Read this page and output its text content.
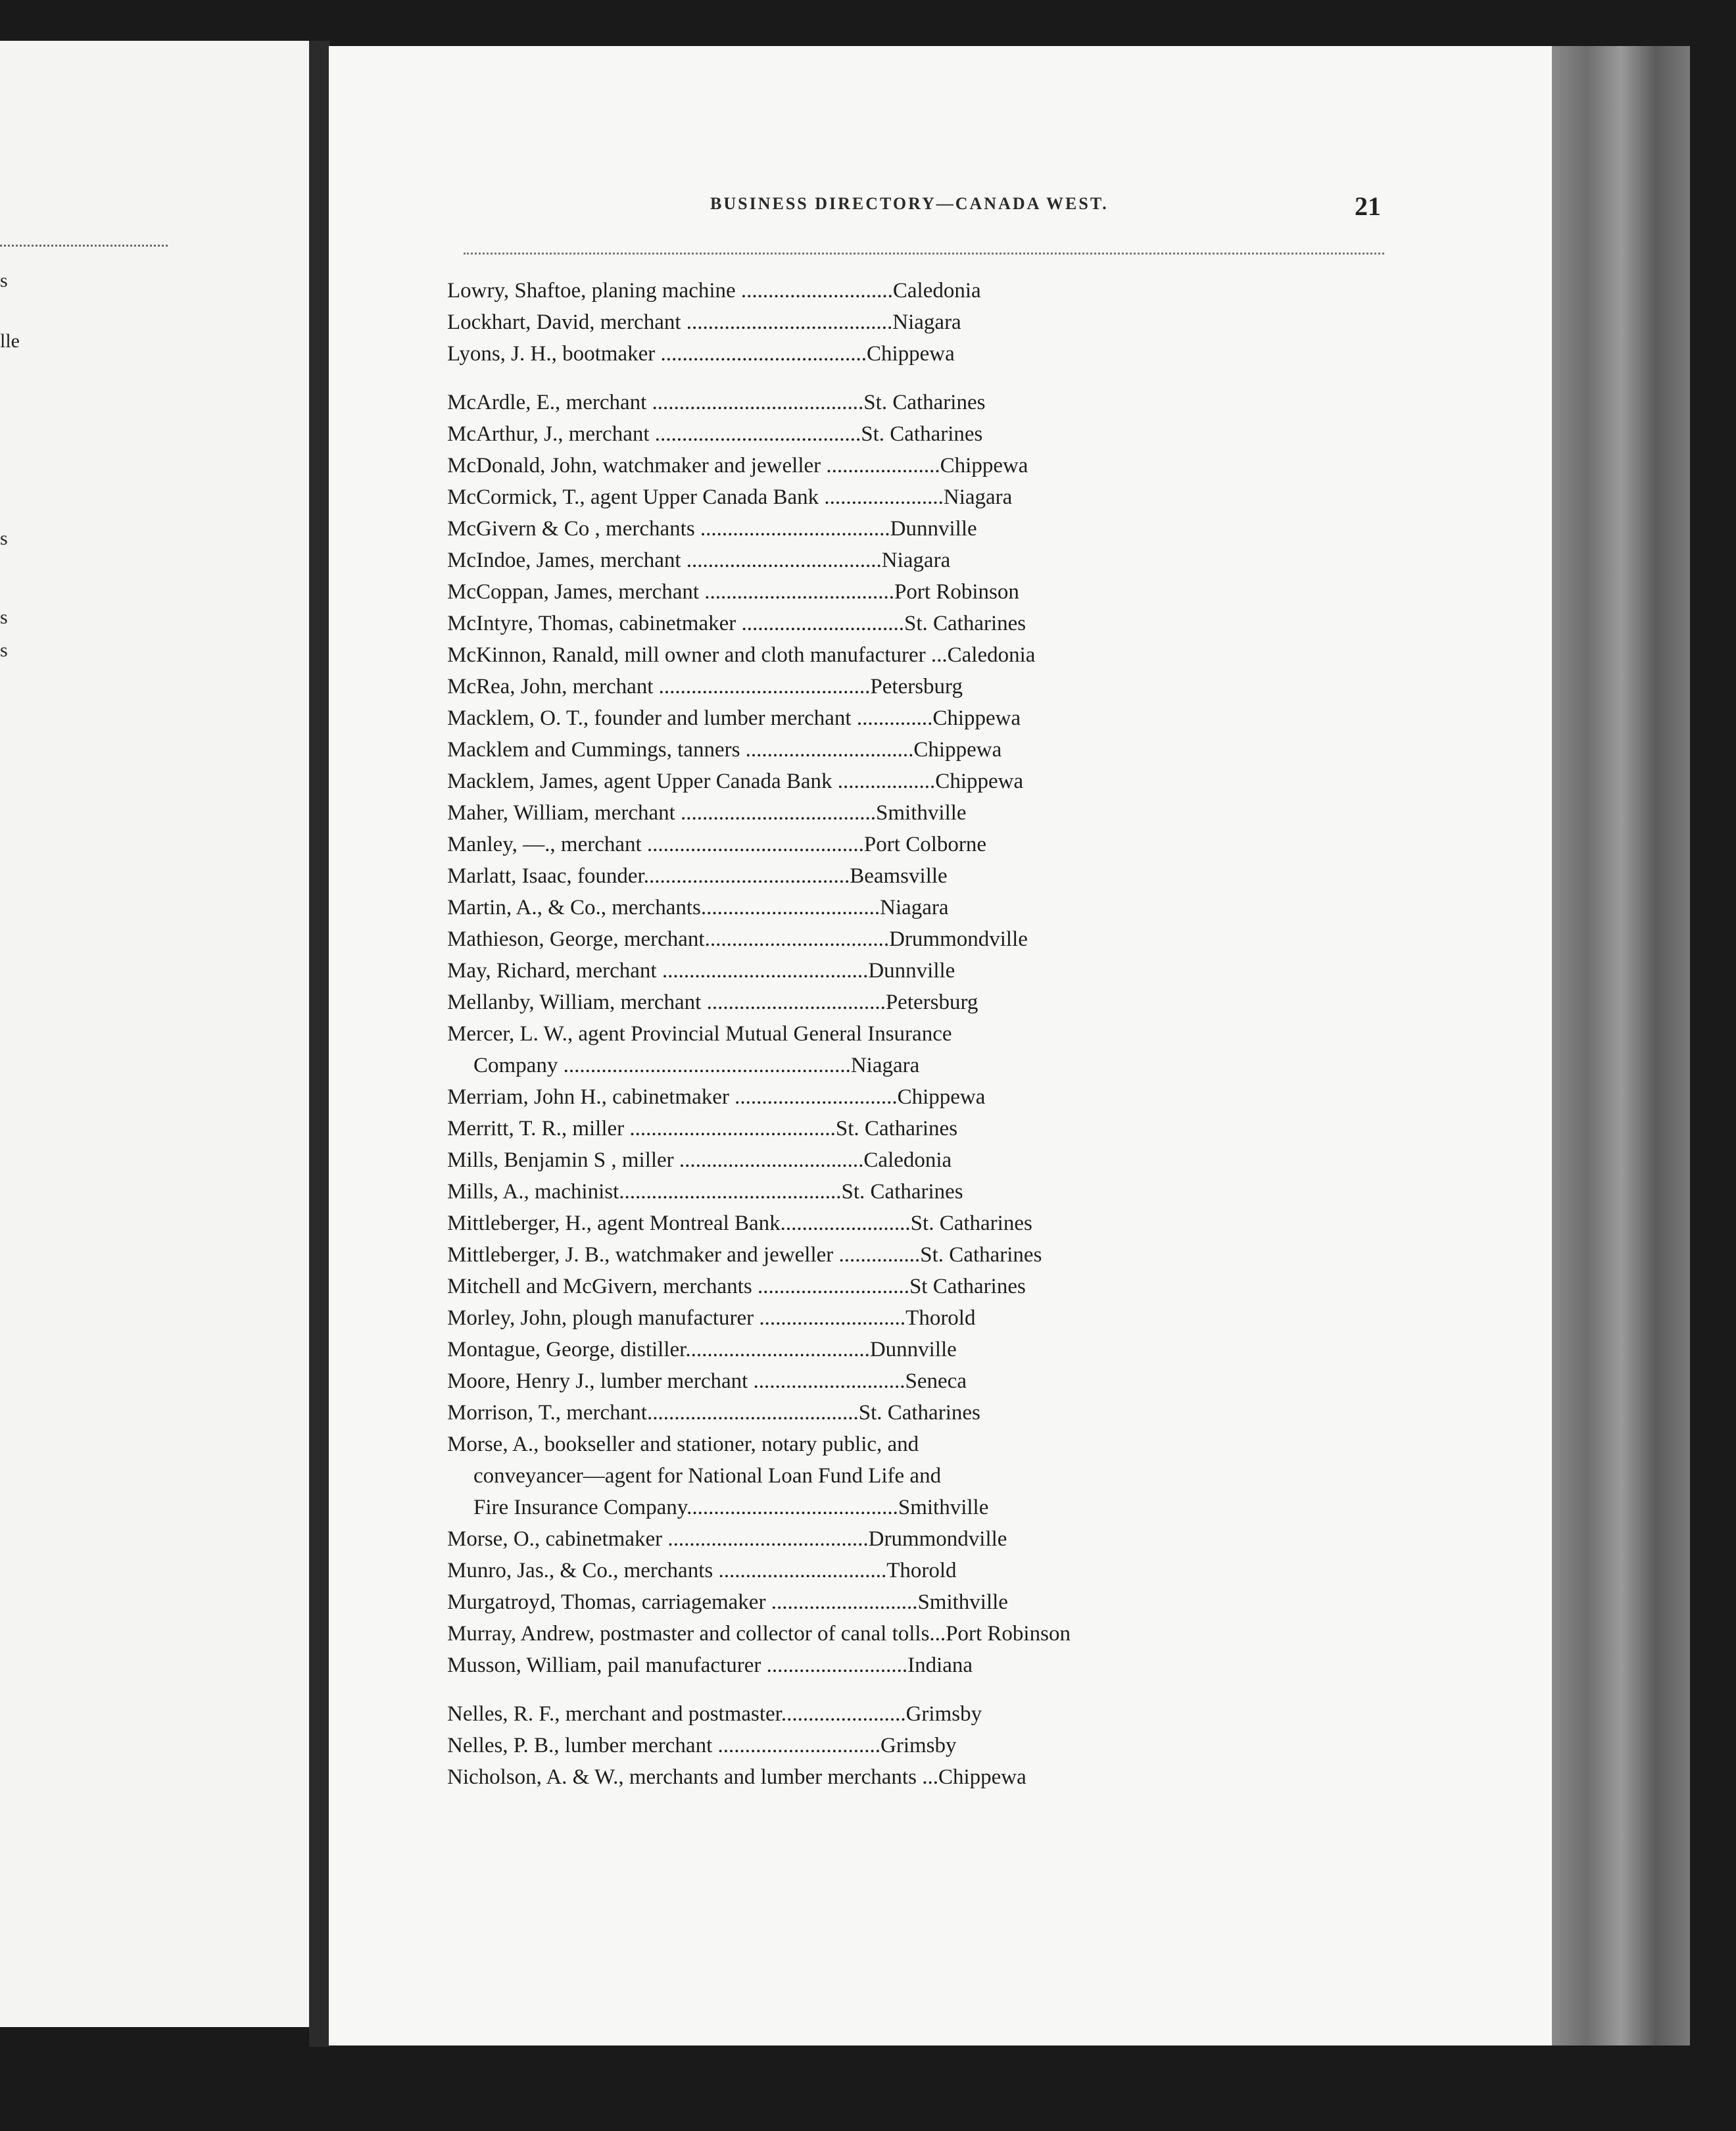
s
lle
s
s
s
BUSINESS DIRECTORY—CANADA WEST.	21
Lowry, Shaftoe, planing machine ............................Caledonia
Lockhart, David, merchant ......................................Niagara
Lyons, J. H., bootmaker ......................................Chippewa
McArdle, E., merchant .......................................St. Catharines
McArthur, J., merchant ......................................St. Catharines
McDonald, John, watchmaker and jeweller .....................Chippewa
McCormick, T., agent Upper Canada Bank ......................Niagara
McGivern & Co , merchants ...................................Dunnville
McIndoe, James, merchant ....................................Niagara
McCoppan, James, merchant ...................................Port Robinson
McIntyre, Thomas, cabinetmaker ..............................St. Catharines
McKinnon, Ranald, mill owner and cloth manufacturer ...Caledonia
McRea, John, merchant .......................................Petersburg
Macklem, O. T., founder and lumber merchant ..............Chippewa
Macklem and Cummings, tanners ...............................Chippewa
Macklem, James, agent Upper Canada Bank ..................Chippewa
Maher, William, merchant ....................................Smithville
Manley, —., merchant ........................................Port Colborne
Marlatt, Isaac, founder......................................Beamsville
Martin, A., & Co., merchants.................................Niagara
Mathieson, George, merchant..................................Drummondville
May, Richard, merchant ......................................Dunnville
Mellanby, William, merchant .................................Petersburg
Mercer, L. W., agent Provincial Mutual General Insurance
Company .....................................................Niagara
Merriam, John H., cabinetmaker ..............................Chippewa
Merritt, T. R., miller ......................................St. Catharines
Mills, Benjamin S , miller ..................................Caledonia
Mills, A., machinist.........................................St. Catharines
Mittleberger, H., agent Montreal Bank........................St. Catharines
Mittleberger, J. B., watchmaker and jeweller ...............St. Catharines
Mitchell and McGivern, merchants ............................St Catharines
Morley, John, plough manufacturer ...........................Thorold
Montague, George, distiller..................................Dunnville
Moore, Henry J., lumber merchant ............................Seneca
Morrison, T., merchant.......................................St. Catharines
Morse, A., bookseller and stationer, notary public, and
conveyancer—agent for National Loan Fund Life and
Fire Insurance Company.......................................Smithville
Morse, O., cabinetmaker .....................................Drummondville
Munro, Jas., & Co., merchants ...............................Thorold
Murgatroyd, Thomas, carriagemaker ...........................Smithville
Murray, Andrew, postmaster and collector of canal tolls...Port Robinson
Musson, William, pail manufacturer ..........................Indiana
Nelles, R. F., merchant and postmaster.......................Grimsby
Nelles, P. B., lumber merchant ..............................Grimsby
Nicholson, A. & W., merchants and lumber merchants ...Chippewa
